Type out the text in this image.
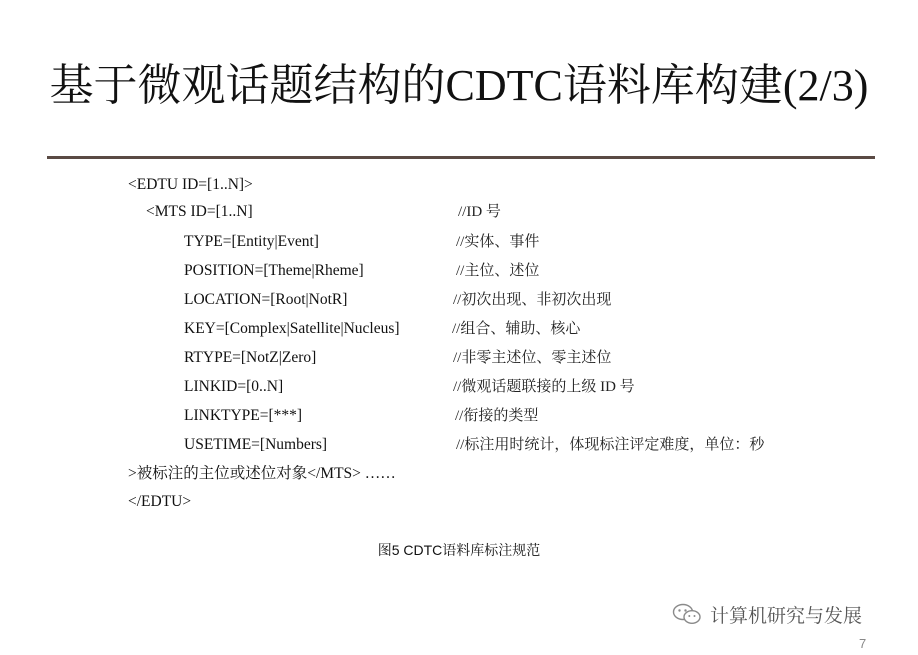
基于微观话题结构的CDTC语料库构建(2/3)
<EDTU ID=[1..N]>
<MTS ID=[1..N]	//ID 号
TYPE=[Entity|Event]	//实体、事件
POSITION=[Theme|Rheme]	//主位、述位
LOCATION=[Root|NotR]	//初次出现、非初次出现
KEY=[Complex|Satellite|Nucleus]	//组合、辅助、核心
RTYPE=[NotZ|Zero]	//非零主述位、零主述位
LINKID=[0..N]	//微观话题联接的上级 ID 号
LINKTYPE=[***]	//衔接的类型
USETIME=[Numbers]	//标注用时统计，体现标注评定难度，单位：秒
>被标注的主位或述位对象</MTS> ……
</EDTU>
图5 CDTC语料库标注规范
计算机研究与发展
7
